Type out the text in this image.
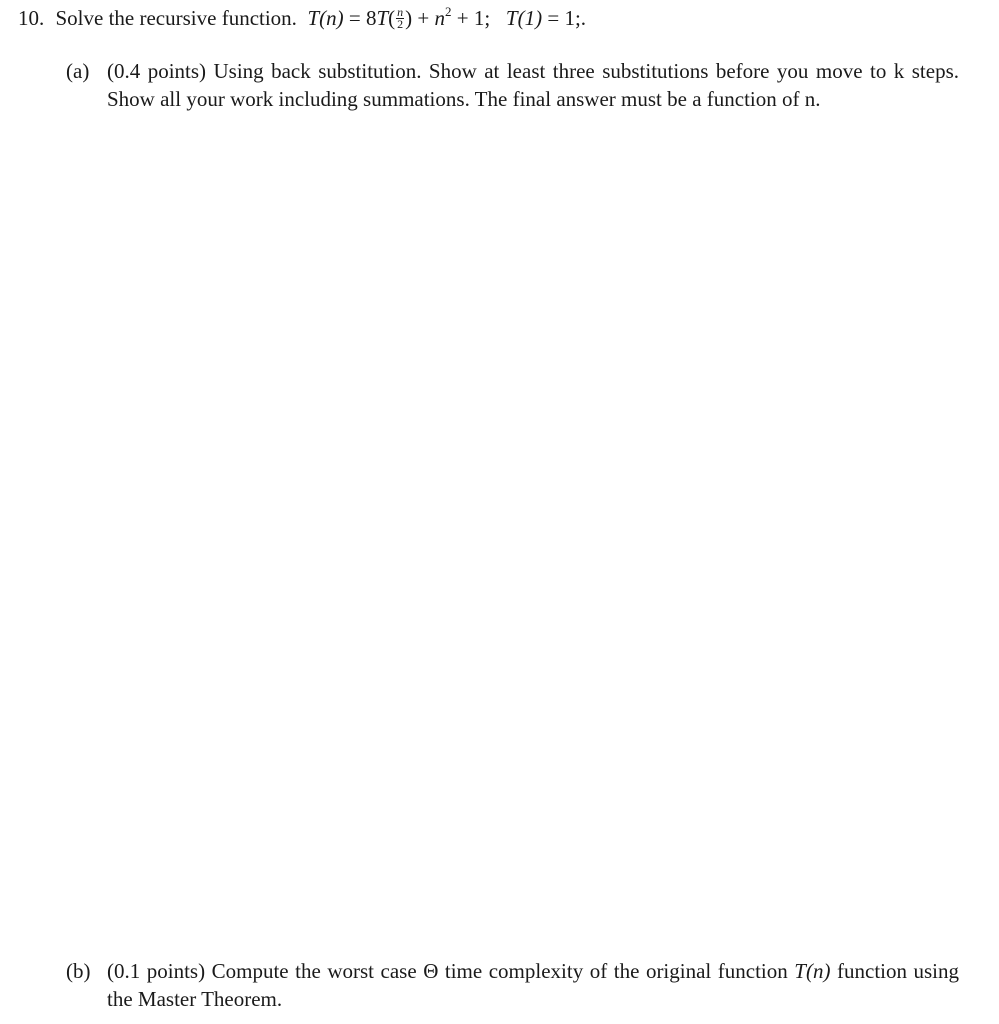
10. Solve the recursive function. $T(n) = 8T( \frac{n}{2}$ ) + $n^2 + 1$; T(1) = 1;.
(a) (0.4 points) Using back substitution. Show at least three substitutions before you move to k steps. Show all your work including summations. The final answer must be a function of n.
(b) (0.1 points) Compute the worst case Θ time complexity of the original function T(n) function using the Master Theorem.
